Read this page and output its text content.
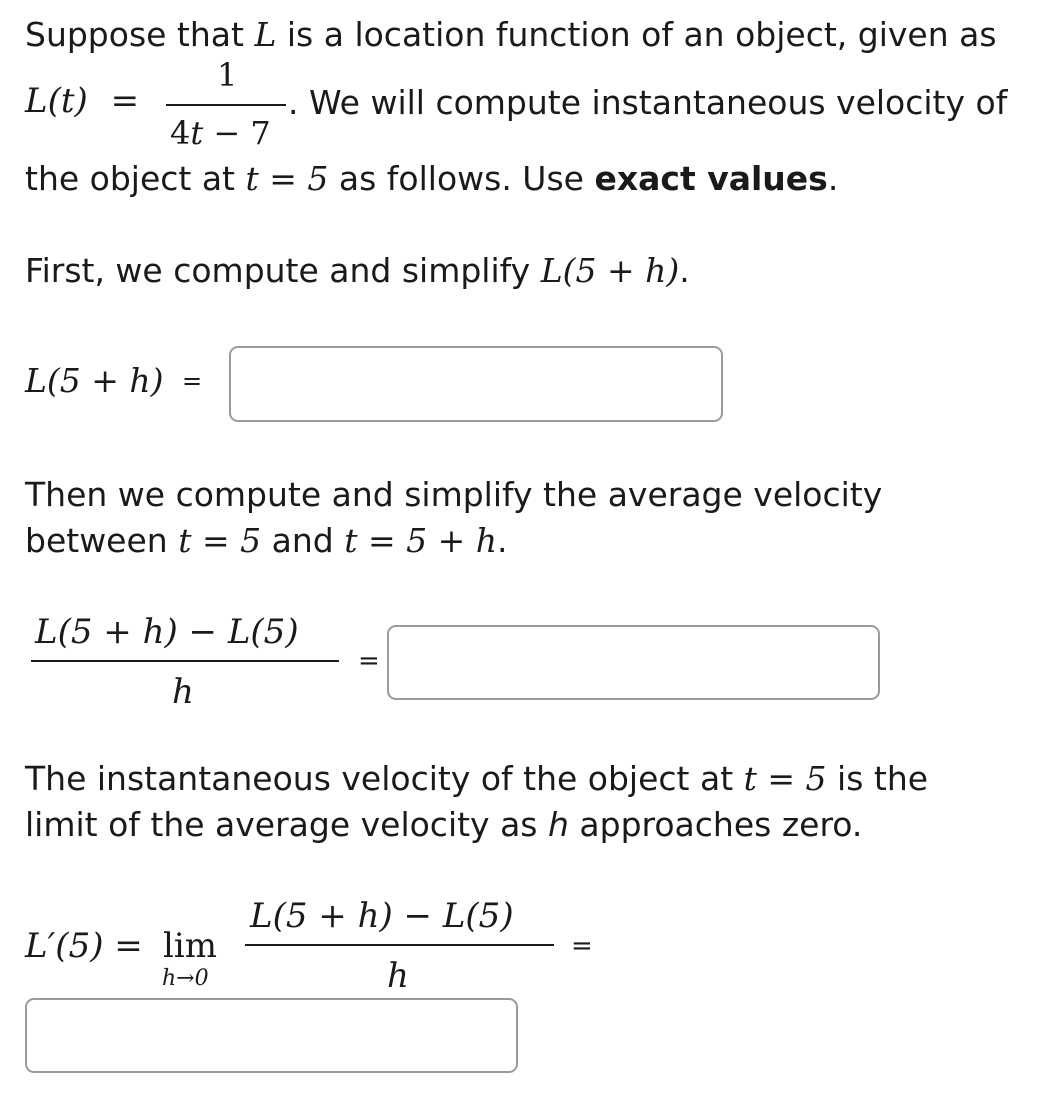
Suppose that L is a location function of an object, given as
L(t) =
1
4t − 7
. We will compute instantaneous velocity of
the object at t = 5 as follows. Use exact values.
First, we compute and simplify L(5 + h).
L(5 + h) =
Then we compute and simplify the average velocity
between t = 5 and t = 5 + h.
L(5 + h) − L(5)
h
=
The instantaneous velocity of the object at t = 5 is the
limit of the average velocity as h approaches zero.
L′(5) = lim
h→0
L(5 + h) − L(5)
h
=
